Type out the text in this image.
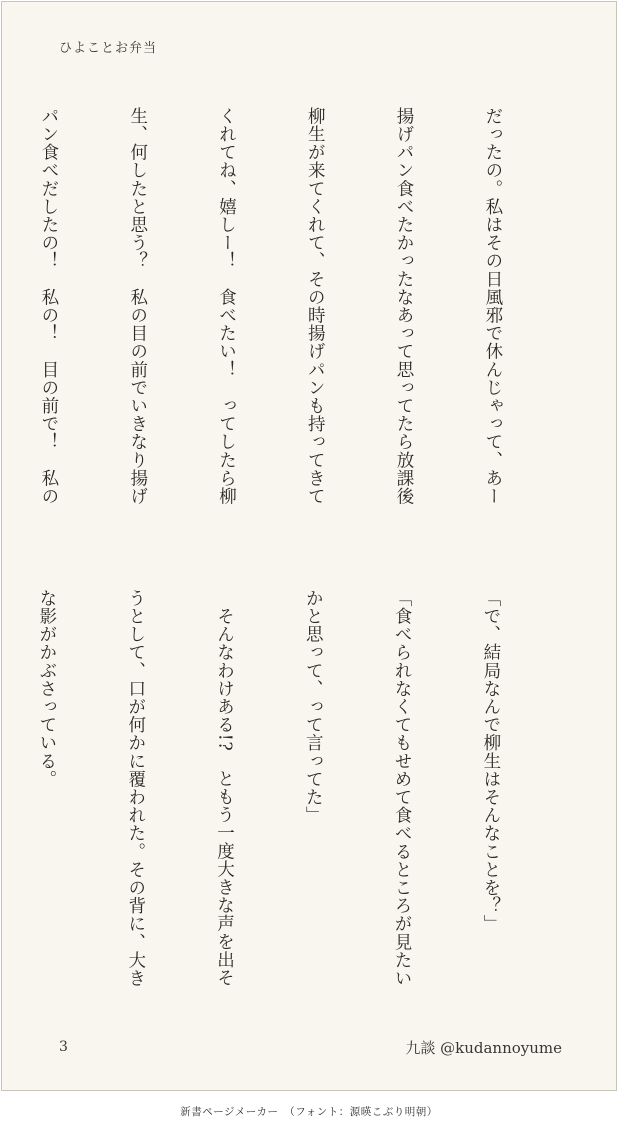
ひよことお弁当

だったの。私はその日風邪で休んじゃって、あー

揚げパン食べたかったなあって思ってたら放課後

柳生が来てくれて、その時揚げパンも持ってきて

くれてね、嬉しー！　食べたい！　ってしたら柳

生、何したと思う？　私の目の前でいきなり揚げ

パン食べだしたの！　私の！　目の前で！　私の

「で、結局なんで柳生はそんなことを？」

「食べられなくてもせめて食べるところが見たい

かと思って、って言ってた」

　そんなわけある!?　ともう一度大きな声を出そ

うとして、口が何かに覆われた。その背に、大き

な影がかぶさっている。

3	九談 @kudannoyume
新書ページメーカー　（フォント：源暎こぶり明朝）
